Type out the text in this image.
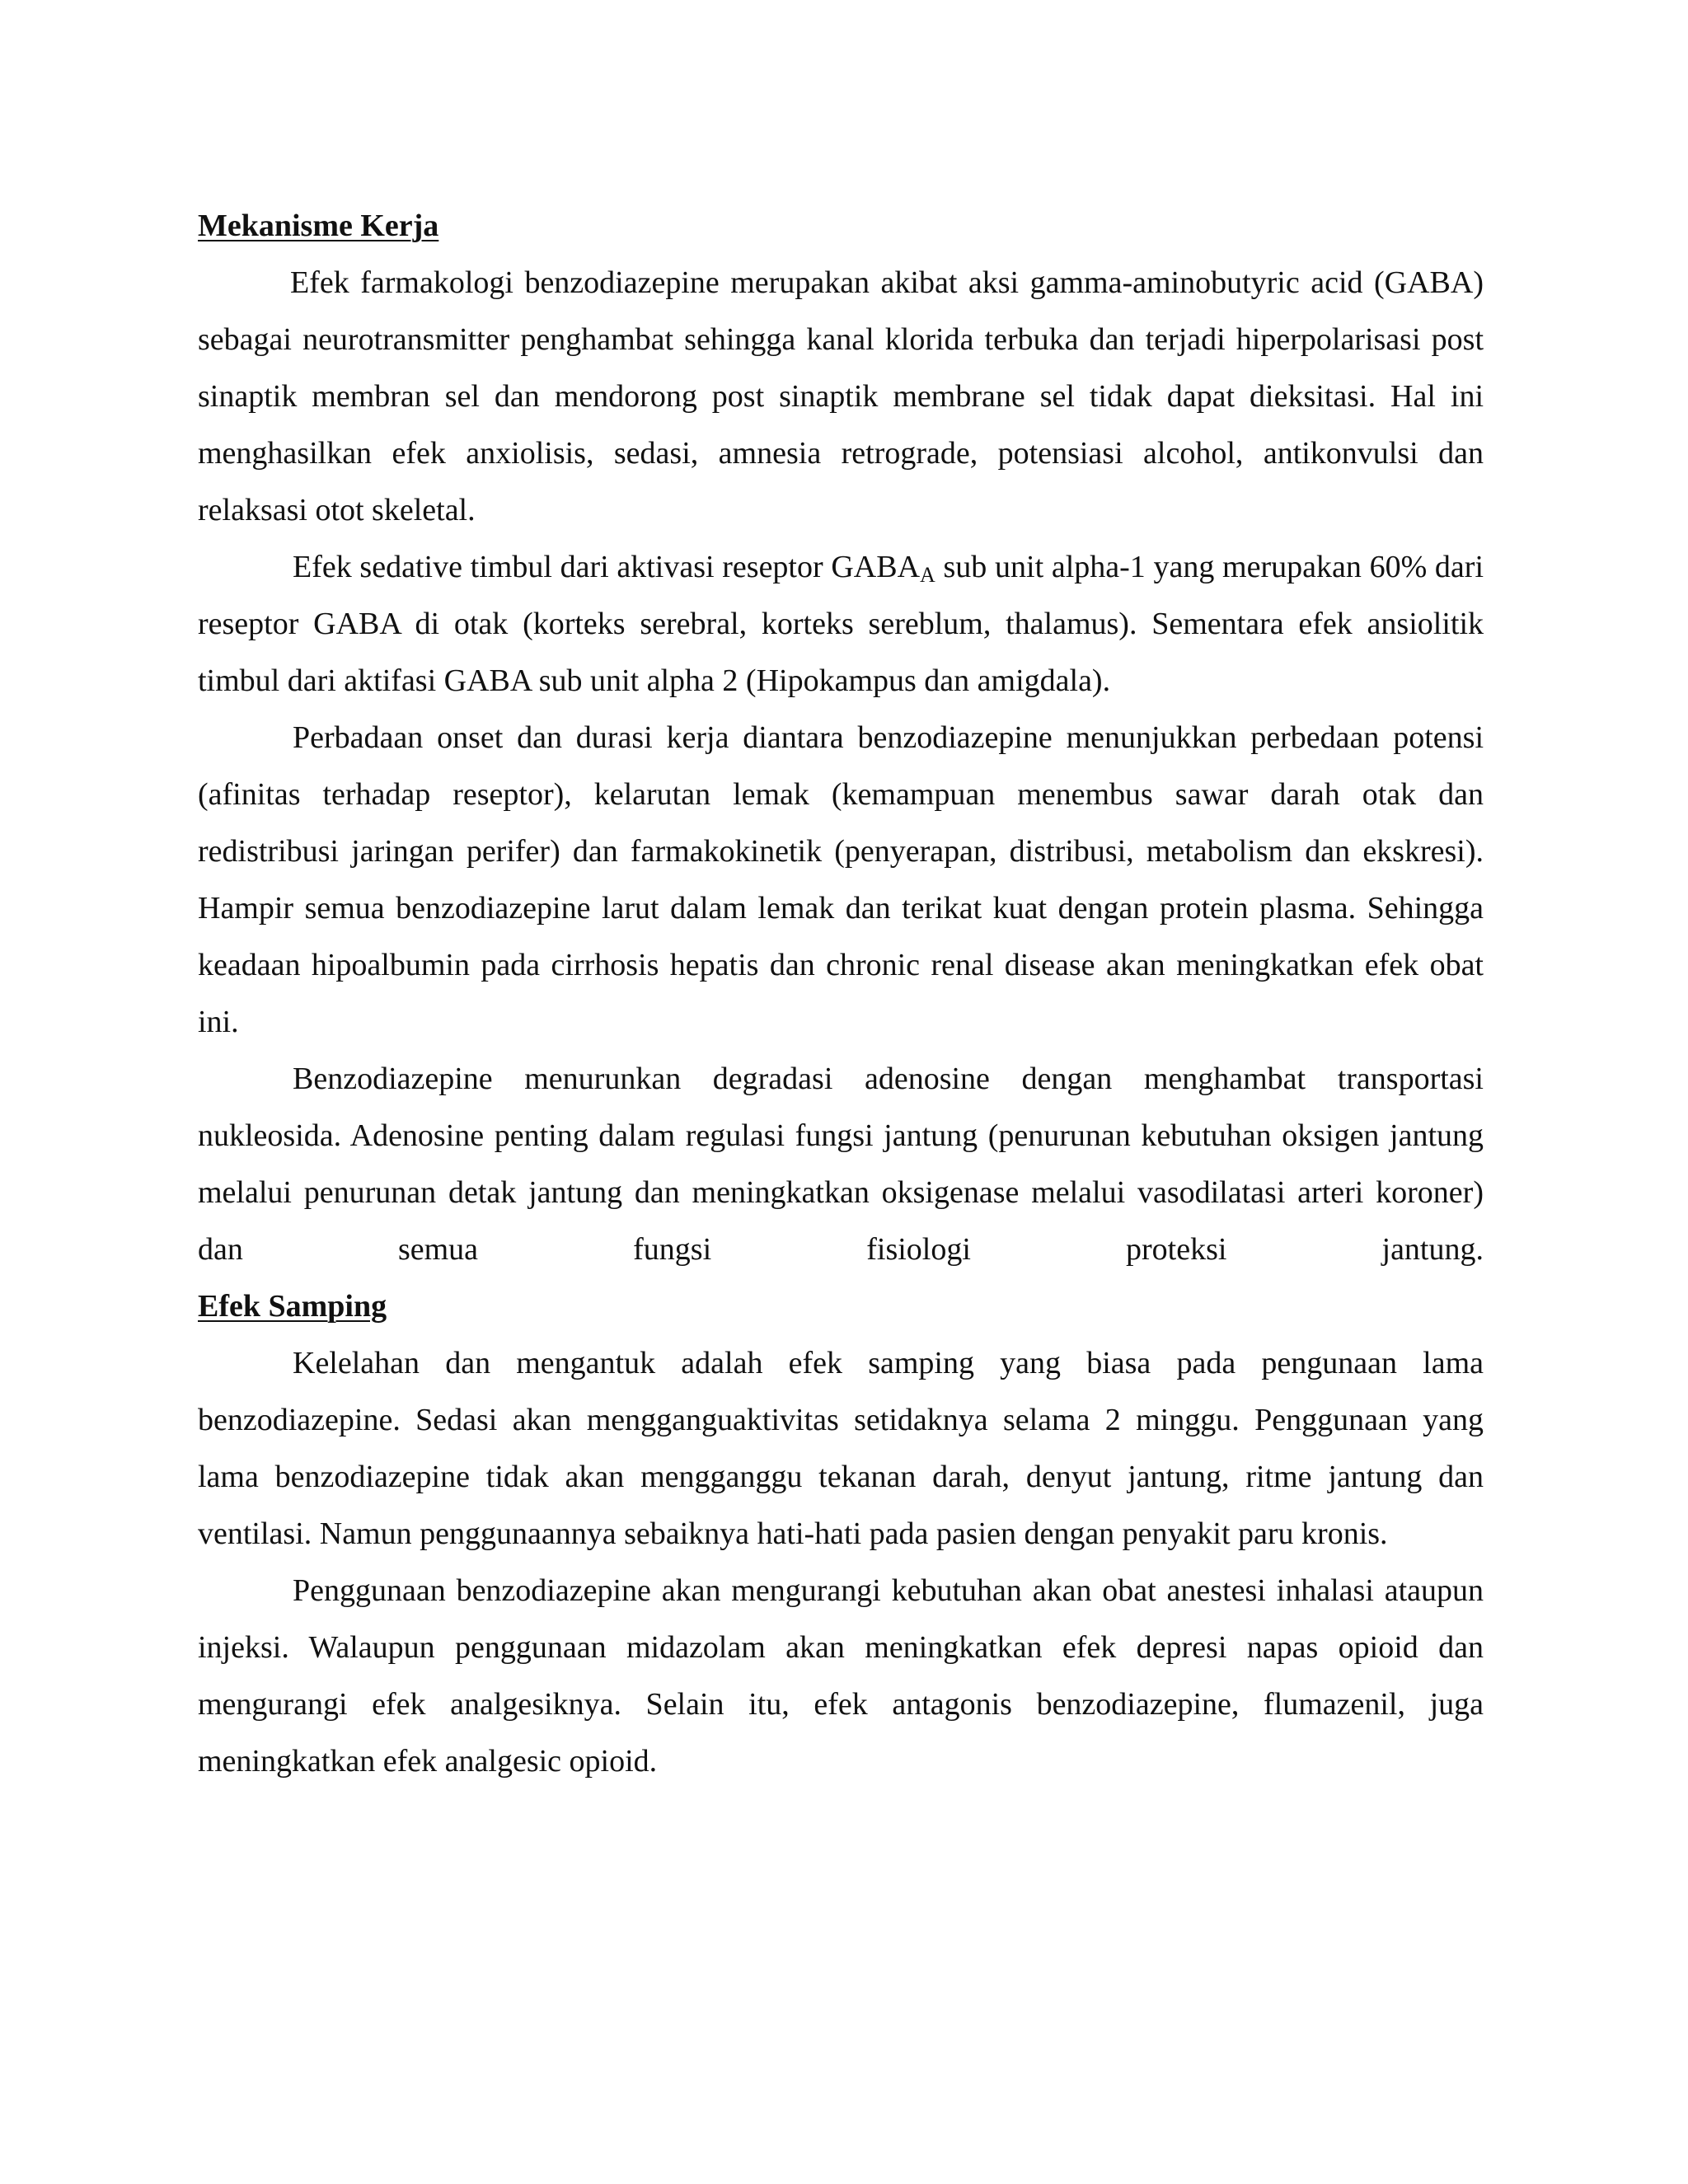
Mekanisme Kerja

Efek farmakologi benzodiazepine merupakan akibat aksi gamma-aminobutyric acid (GABA) sebagai neurotransmitter penghambat sehingga kanal klorida terbuka dan terjadi hiperpolarisasi post sinaptik membran sel dan mendorong post sinaptik membrane sel tidak dapat dieksitasi. Hal ini menghasilkan efek anxiolisis, sedasi, amnesia retrograde, potensiasi alcohol, antikonvulsi dan relaksasi otot skeletal.

Efek sedative timbul dari aktivasi reseptor $GABA_A$ sub unit alpha-1 yang merupakan 60% dari reseptor GABA di otak (korteks serebral, korteks sereblum, thalamus). Sementara efek ansiolitik timbul dari aktifasi GABA sub unit alpha 2 (Hipokampus dan amigdala).

Perbadaan onset dan durasi kerja diantara benzodiazepine menunjukkan perbedaan potensi (afinitas terhadap reseptor), kelarutan lemak (kemampuan menembus sawar darah otak dan redistribusi jaringan perifer) dan farmakokinetik (penyerapan, distribusi, metabolism dan ekskresi). Hampir semua benzodiazepine larut dalam lemak dan terikat kuat dengan protein plasma. Sehingga keadaan hipoalbumin pada cirrhosis hepatis dan chronic renal disease akan meningkatkan efek obat ini.

Benzodiazepine menurunkan degradasi adenosine dengan menghambat transportasi nukleosida. Adenosine penting dalam regulasi fungsi jantung (penurunan kebutuhan oksigen jantung melalui penurunan detak jantung dan meningkatkan oksigenase melalui vasodilatasi arteri koroner) dan semua fungsi fisiologi proteksi jantung.

Efek Samping

Kelelahan dan mengantuk adalah efek samping yang biasa pada pengunaan lama benzodiazepine. Sedasi akan mengganguaktivitas setidaknya selama 2 minggu. Penggunaan yang lama benzodiazepine tidak akan mengganggu tekanan darah, denyut jantung, ritme jantung dan ventilasi. Namun penggunaannya sebaiknya hati-hati pada pasien dengan penyakit paru kronis.

Penggunaan benzodiazepine akan mengurangi kebutuhan akan obat anestesi inhalasi ataupun injeksi. Walaupun penggunaan midazolam akan meningkatkan efek depresi napas opioid dan mengurangi efek analgesiknya. Selain itu, efek antagonis benzodiazepine, flumazenil, juga meningkatkan efek analgesic opioid.
